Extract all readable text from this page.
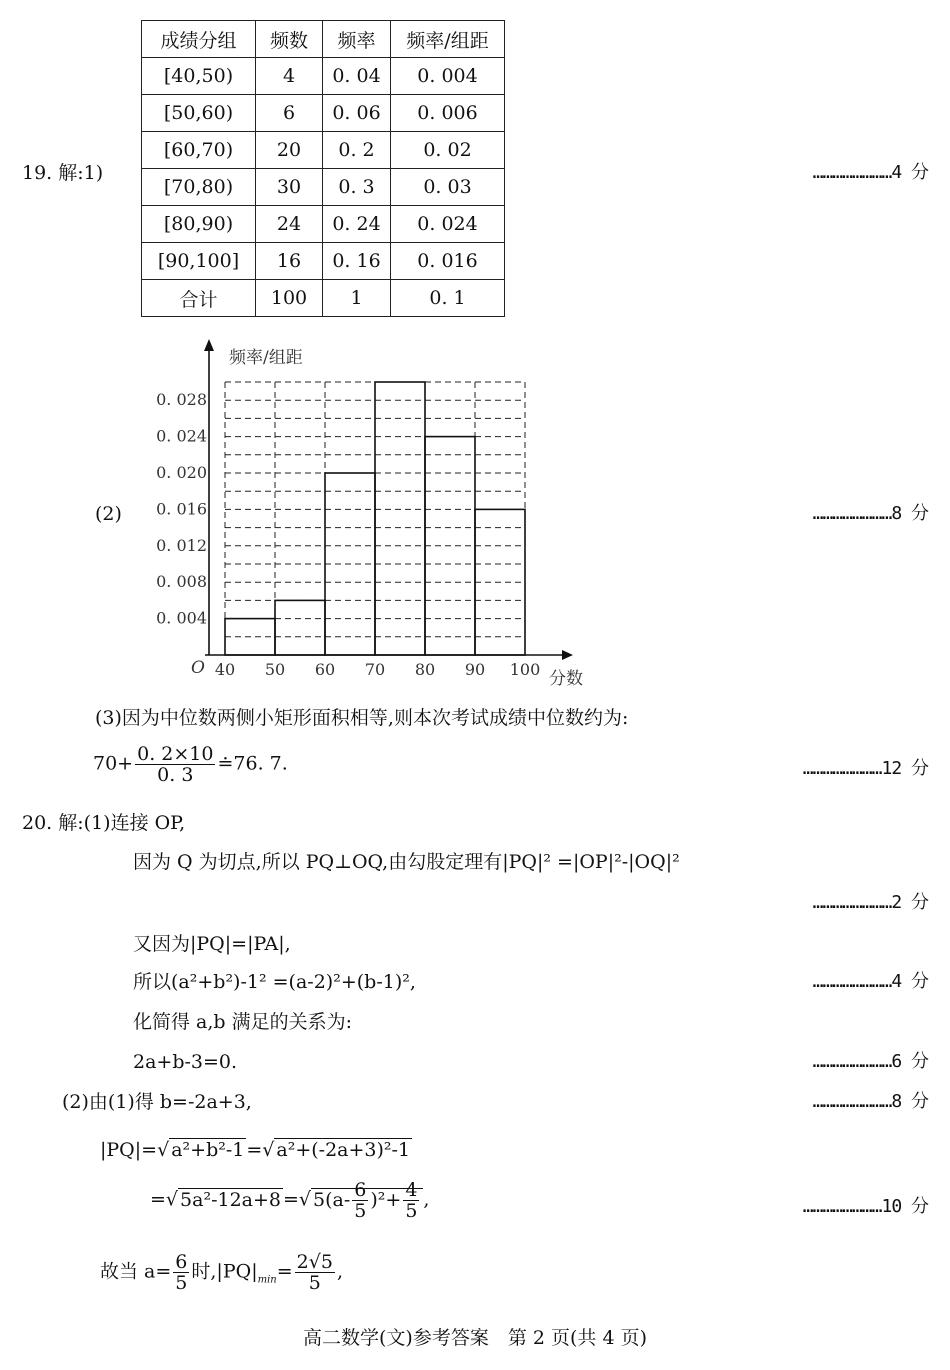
19. 解:1)
成绩分组	频数	频率	频率/组距
[40,50)	4	0. 04	0. 004
[50,60)	6	0. 06	0. 006
[60,70)	20	0. 2	0. 02
[70,80)	30	0. 3	0. 03
[80,90)	24	0. 24	0. 024
[90,100]	16	0. 16	0. 016
合计	100	1	0. 1
……………………4 分
(2)
40 50 60 70 80 90 100
0. 004
0. 008
0. 012
0. 016
0. 020
0. 024
0. 028
频率/组距
分数
O
……………………8 分
(3)因为中位数两侧小矩形面积相等,则本次考试成绩中位数约为:
$70+ \frac{0. 2\times 10}{0. 3}$ ≐76. 7.	……………………12 分
20. 解:(1)连接 OP,
因为 Q 为切点,所以 PQ⊥OQ,由勾股定理有|PQ|² =|OP|²-|OQ|²
……………………2 分
又因为|PQ|=|PA|,
所以(a²+b²)-1² =(a-2)²+(b-1)²,	……………………4 分
化简得 a,b 满足的关系为:
2a+b-3=0.	……………………6 分
(2)由(1)得 b=-2a+3,	……………………8 分
|PQ|=√ a²+b²-1 =√ a²+(-2a+3)²-1
=√ 5a²-12a+8 =√ $5(a- \frac{6}{5} )^2+ \frac{4}{5}$ ,	……………………10 分
故当 $a= \frac{6}{5}$ 时$,|PQ|_{min}= \frac{2√5}{5}$ ,
高二数学(文)参考答案　第 2 页(共 4 页)
